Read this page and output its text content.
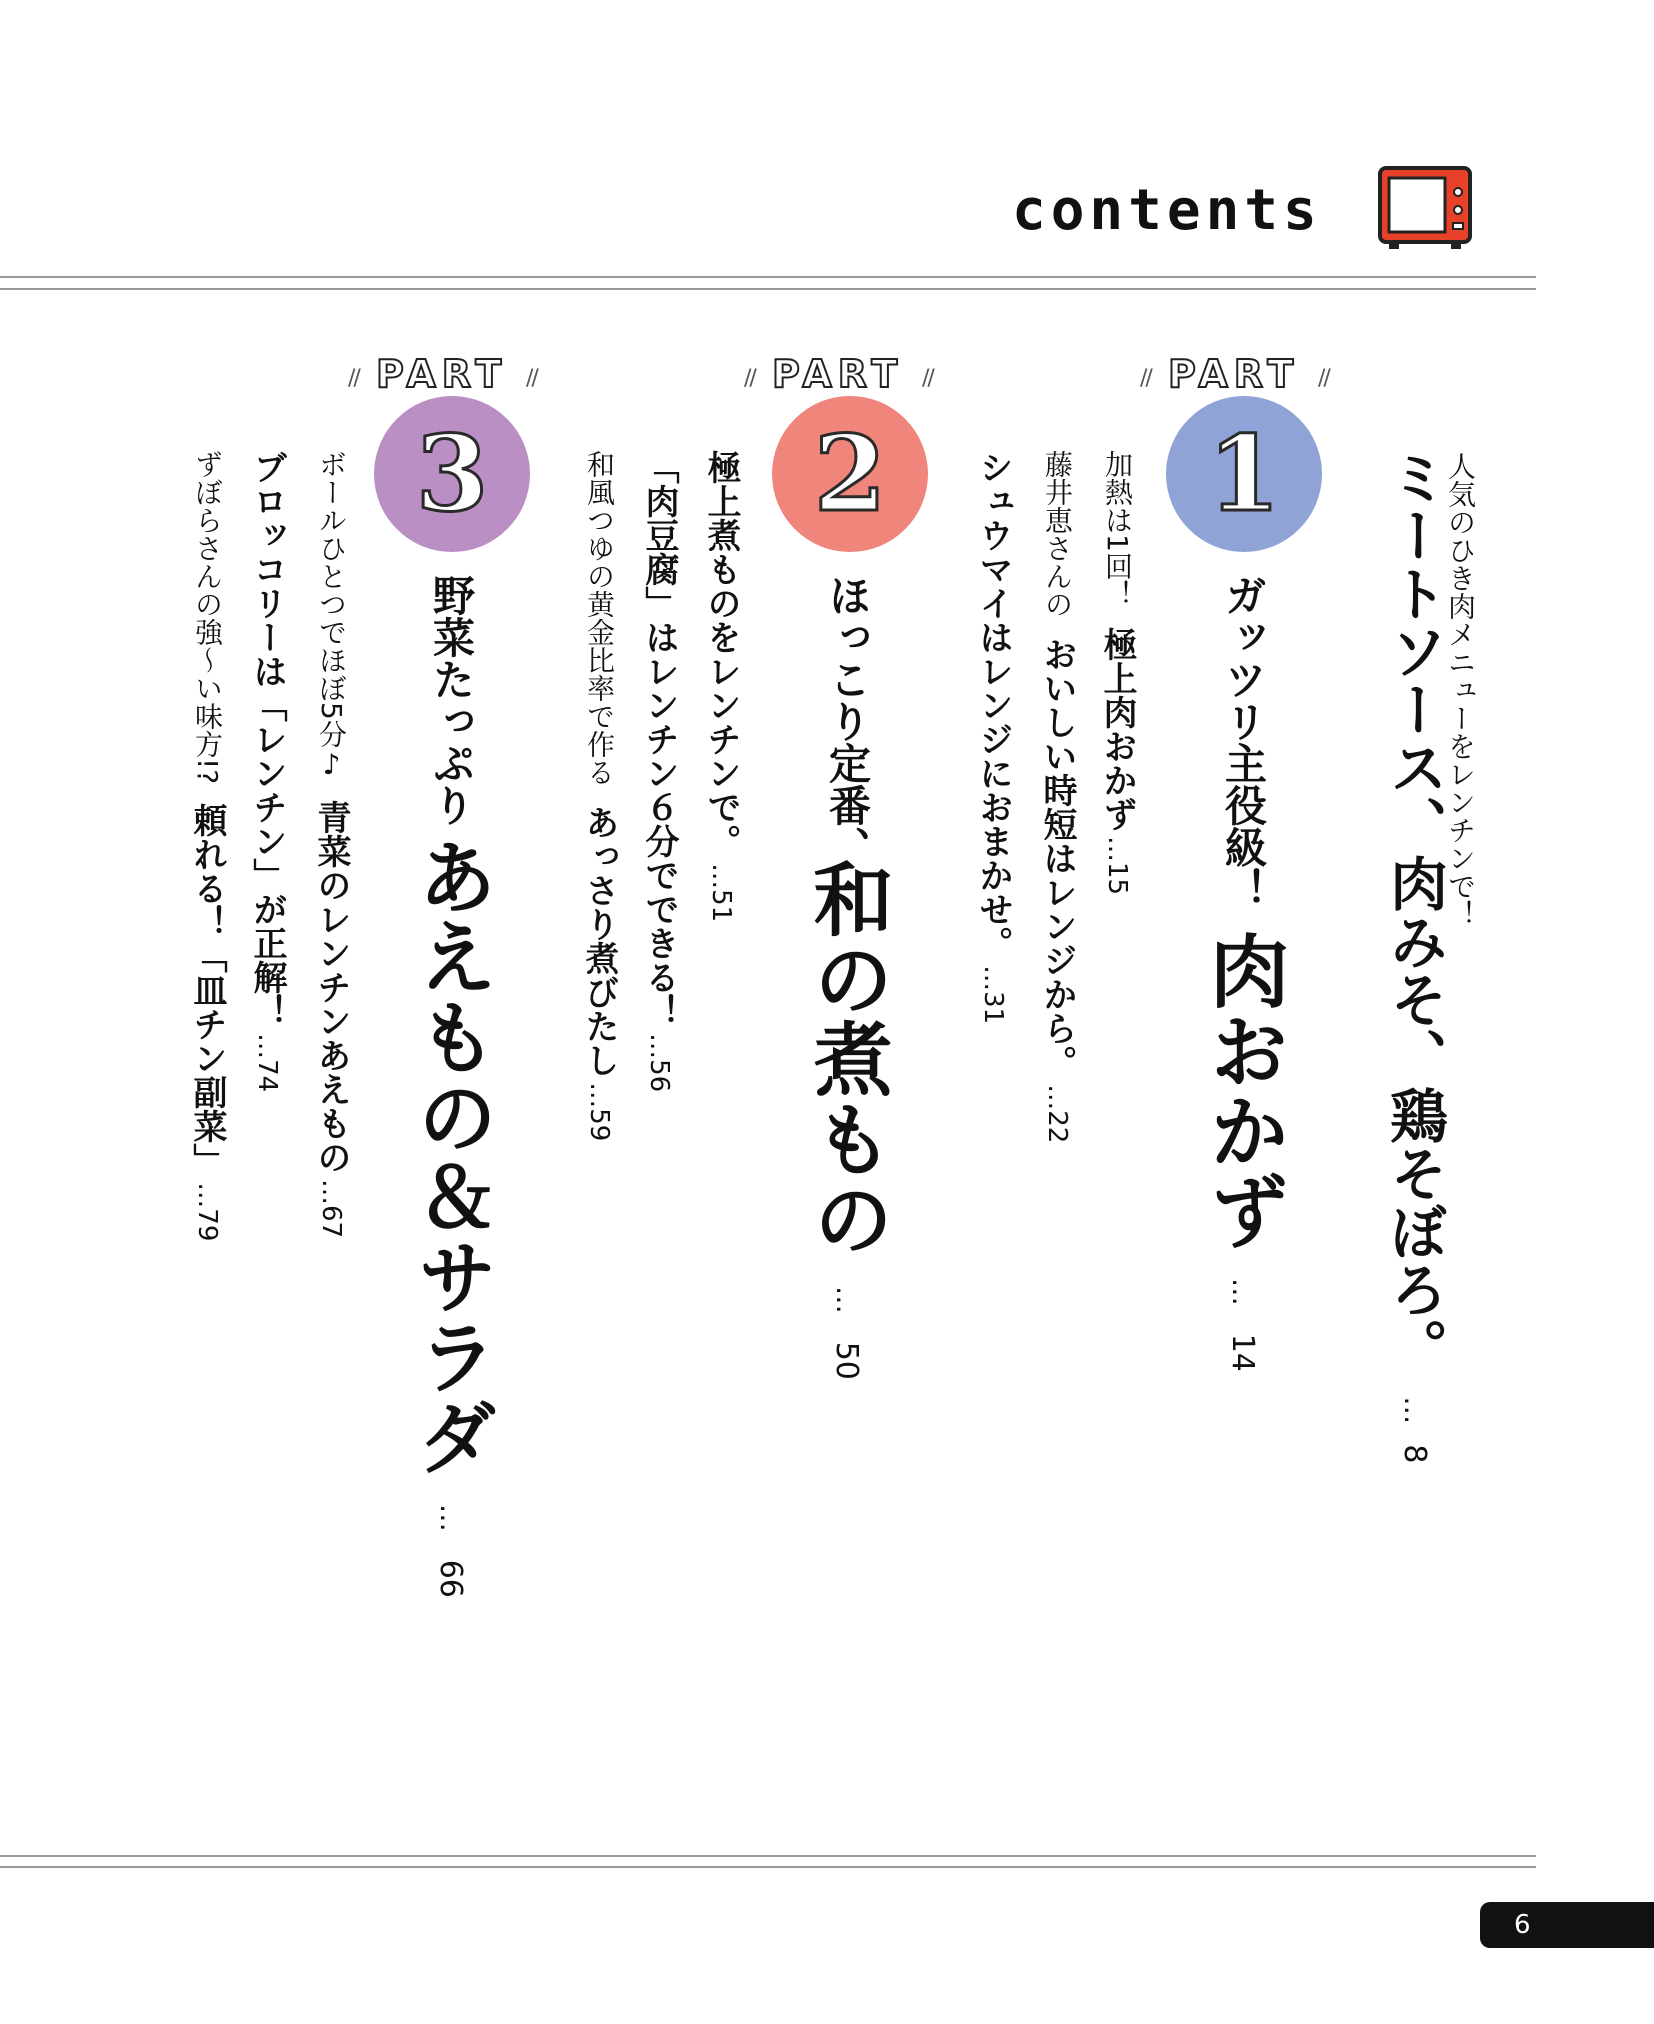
contents
人気のひき肉メニューをレンチンで！
ミートソース、肉みそ、鶏そぼろ。 … 8
// PART //
1
ガッツリ主役級！
肉おかず … 14
加熱は1回！ 極上肉おかず …15
藤井恵さんの おいしい時短はレンジから。 …22
シュウマイはレンジにおまかせ。 …31
// PART //
2
極上煮ものをレンチンで。 …51
ほっこり定番、
和の煮もの … 50
「肉豆腐」はレンチン６分でできる！ …56
和風つゆの黄金比率で作る あっさり煮びたし …59
// PART //
3
野菜たっぷり
あえもの＆サラダ … 66
ボールひとつでほぼ5分♪ 青菜のレンチンあえもの …67
ブロッコリーは「レンチン」が正解！ …74
ずぼらさんの強〜い味方!? 頼れる！「皿チン副菜」 …79
6
